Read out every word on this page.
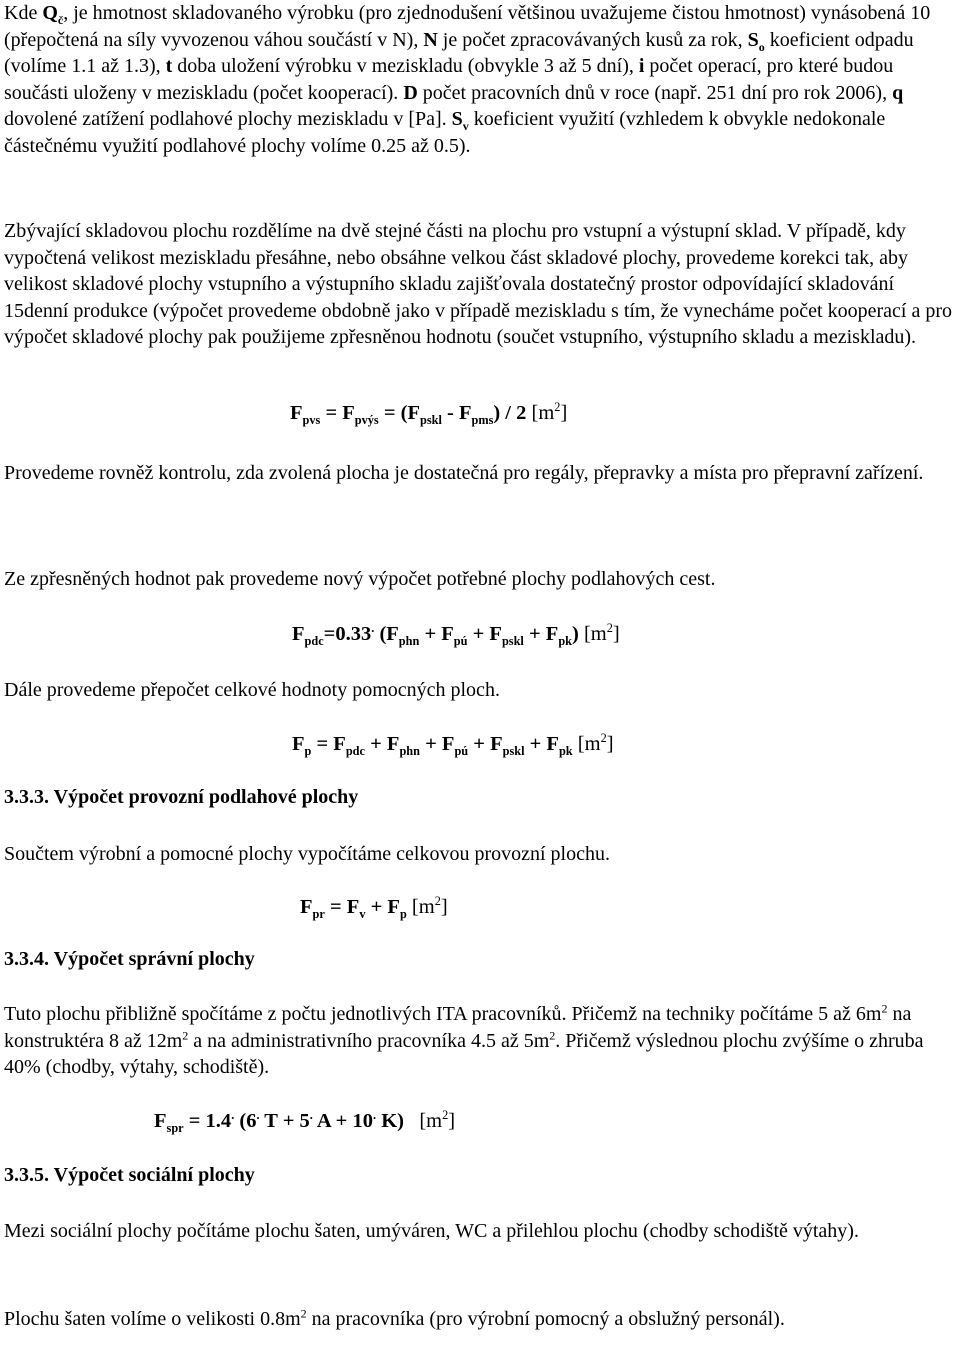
Kde $Q_č$, je hmotnost skladovaného výrobku (pro zjednodušení většinou uvažujeme čistou hmotnost) vynásobená 10 (přepočtená na síly vyvozenou váhou součástí v N), N je počet zpracovávaných kusů za rok, $S_o$ koeficient odpadu (volíme 1.1 až 1.3), t doba uložení výrobku v meziskladu (obvykle 3 až 5 dní), i počet operací, pro které budou součásti uloženy v meziskladu (počet kooperací). D počet pracovních dnů v roce (např. 251 dní pro rok 2006), q dovolené zatížení podlahové plochy meziskladu v [Pa]. $S_v$ koeficient využití (vzhledem k obvykle nedokonale částečnému využití podlahové plochy volíme 0.25 až 0.5).

Zbývající skladovou plochu rozdělíme na dvě stejné části na plochu pro vstupní a výstupní sklad. V případě, kdy vypočtená velikost meziskladu přesáhne, nebo obsáhne velkou část skladové plochy, provedeme korekci tak, aby velikost skladové plochy vstupního a výstupního skladu zajišťovala dostatečný prostor odpovídající skladování 15denní produkce (výpočet provedeme obdobně jako v případě meziskladu s tím, že vynecháme počet kooperací a pro výpočet skladové plochy pak použijeme zpřesněnou hodnotu (součet vstupního, výstupního skladu a meziskladu).

$F_{pvs} = F_{pvýs} = (F_{pskl} - F_{pms}) / 2$ $[m^2]$

Provedeme rovněž kontrolu, zda zvolená plocha je dostatečná pro regály, přepravky a místa pro přepravní zařízení.

Ze zpřesněných hodnot pak provedeme nový výpočet potřebné plochy podlahových cest.

$F_{pdc}=0.33^.$ $(F_{phn} + F_{pú} + F_{pskl} + F_{pk})$ $[m^2]$

Dále provedeme přepočet celkové hodnoty pomocných ploch.

$F_p = F_{pdc} + F_{phn} + F_{pú} + F_{pskl} + F_{pk}$ $[m^2]$

3.3.3. Výpočet provozní podlahové plochy

Součtem výrobní a pomocné plochy vypočítáme celkovou provozní plochu.

$F_{pr} = F_v + F_p$ $[m^2]$

3.3.4. Výpočet správní plochy

Tuto plochu přibližně spočítáme z počtu jednotlivých ITA pracovníků. Přičemž na techniky počítáme 5 až $6m^2$ na konstruktéra 8 až $12m^2$ a na administrativního pracovníka 4.5 až $5m^2$. Přičemž výslednou plochu zvýšíme o zhruba 40% (chodby, výtahy, schodiště).

$F_{spr} = 1.4^.$ (6. T + 5. A + 10. K)   $[m^2]$

3.3.5. Výpočet sociální plochy

Mezi sociální plochy počítáme plochu šaten, umýváren, WC a přilehlou plochu (chodby schodiště výtahy).

Plochu šaten volíme o velikosti $0.8m^2$ na pracovníka (pro výrobní pomocný a obslužný personál).
